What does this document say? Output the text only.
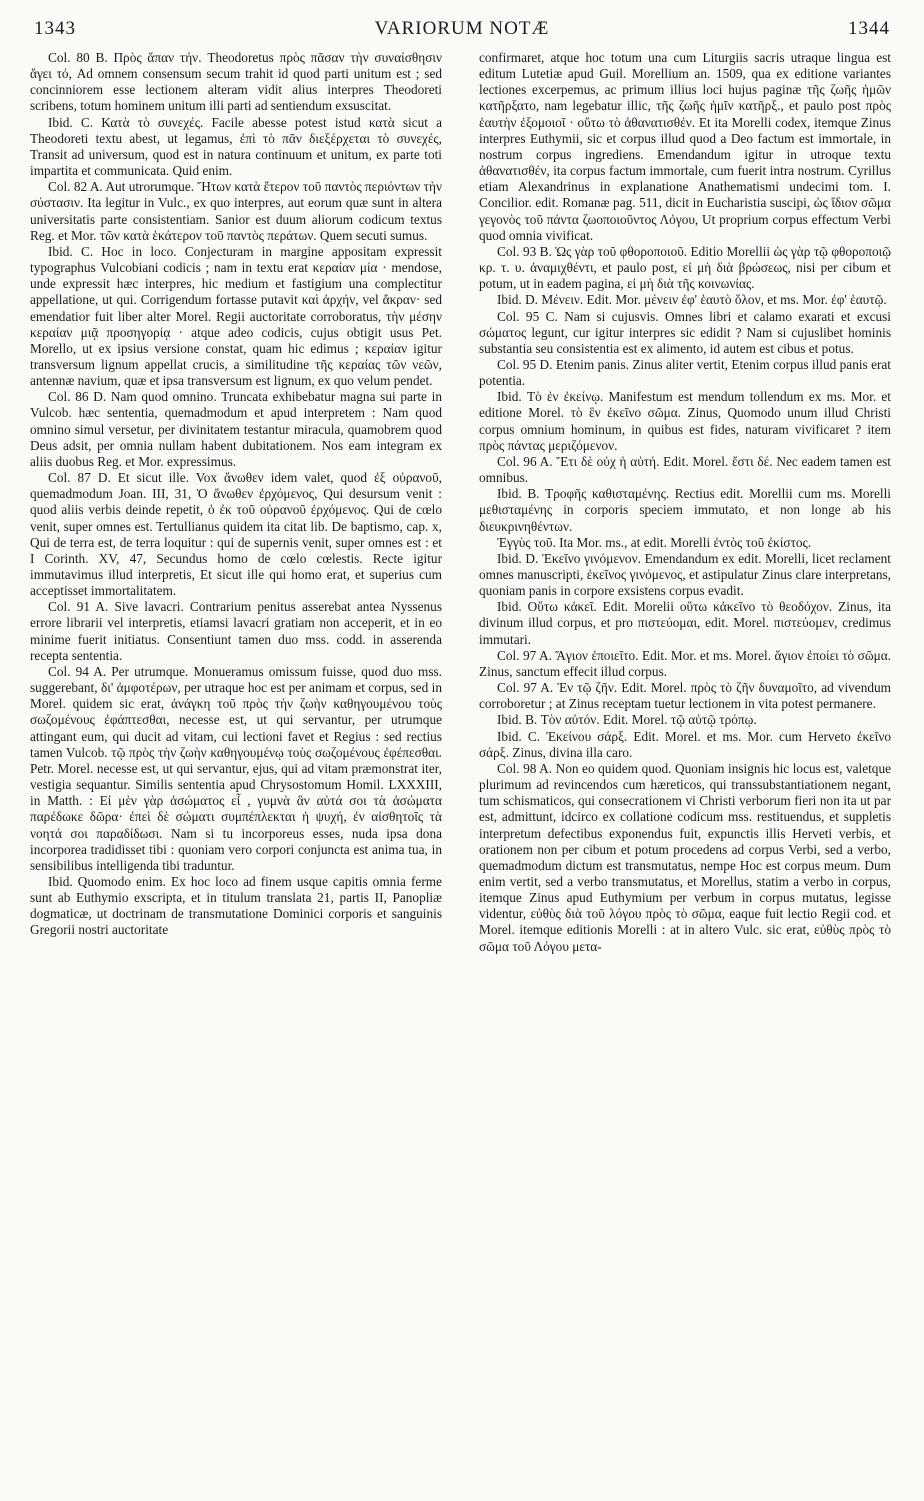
1343	VARIORUM NOTÆ	1344

Col. 80 B. Πρὸς ἅπαν τήν. Theodoretus πρὸς πᾶσαν τὴν συναίσθησιν ἄγει τό, Ad omnem consensum secum trahit id quod parti unitum est ; sed concinniorem esse lectionem alteram vidit alius interpres Theodoreti scribens, totum hominem unitum illi parti ad sentiendum exsuscitat.

Ibid. C. Κατὰ τὸ συνεχές. Facile abesse potest istud κατὰ sicut a Theodoreti textu abest, ut legamus, ἐπὶ τὸ πᾶν διεξέρχεται τὸ συνεχές, Transit ad universum, quod est in natura continuum et unitum, ex parte toti impartita et communicata. Quid enim.

Col. 82 A. Aut utrorumque. Ἤτων κατὰ ἕτερον τοῦ παντὸς περιόντων τὴν σύστασιν. Ita legitur in Vulc., ex quo interpres, aut eorum quæ sunt in altera universitatis parte consistentiam. Sanior est duum aliorum codicum textus Reg. et Mor. τῶν κατὰ ἑκάτερον τοῦ παντὸς περάτων. Quem secuti sumus.

Ibid. C. Hoc in loco. Conjecturam in margine appositam expressit typographus Vulcobiani codicis ; nam in textu erat κεραίαν μία · mendose, unde expressit hæc interpres, hic medium et fastigium una complectitur appellatione, ut qui. Corrigendum fortasse putavit καὶ ἀρχήν, vel ἄκραν· sed emendatior fuit liber alter Morel. Regii auctoritate corroboratus, τὴν μέσην κεραίαν μιᾷ προσηγορίᾳ · atque adeo codicis, cujus obtigit usus Pet. Morello, ut ex ipsius versione constat, quam hic edimus ; κεραίαν igitur transversum lignum appellat crucis, a similitudine τῆς κεραίας τῶν νεῶν, antennæ navium, quæ et ipsa transversum est lignum, ex quo velum pendet.

Col. 86 D. Nam quod omnino. Truncata exhibebatur magna sui parte in Vulcob. hæc sententia, quemadmodum et apud interpretem : Nam quod omnino simul versetur, per divinitatem testantur miracula, quamobrem quod Deus adsit, per omnia nullam habent dubitationem. Nos eam integram ex aliis duobus Reg. et Mor. expressimus.

Col. 87 D. Et sicut ille. Vox ἄνωθεν idem valet, quod ἐξ οὐρανοῦ, quemadmodum Joan. III, 31, Ὁ ἄνωθεν ἐρχόμενος, Qui desursum venit : quod aliis verbis deinde repetit, ὁ ἐκ τοῦ οὐρανοῦ ἐρχόμενος. Qui de cœlo venit, super omnes est. Tertullianus quidem ita citat lib. De baptismo, cap. x, Qui de terra est, de terra loquitur : qui de supernis venit, super omnes est : et I Corinth. XV, 47, Secundus homo de cœlo cœlestis. Recte igitur immutavimus illud interpretis, Et sicut ille qui homo erat, et superius cum acceptisset immortalitatem.

Col. 91 A. Sive lavacri. Contrarium penitus asserebat antea Nyssenus errore librarii vel interpretis, etiamsi lavacri gratiam non acceperit, et in eo minime fuerit initiatus. Consentiunt tamen duo mss. codd. in asserenda recepta sententia.

Col. 94 A. Per utrumque. Monueramus omissum fuisse, quod duo mss. suggerebant, δι' ἀμφοτέρων, per utraque hoc est per animam et corpus, sed in Morel. quidem sic erat, ἀνάγκη τοῦ πρὸς τὴν ζωὴν καθηγουμένου τοὺς σωζομένους ἐφάπτεσθαι, necesse est, ut qui servantur, per utrumque attingant eum, qui ducit ad vitam, cui lectioni favet et Regius : sed rectius tamen Vulcob. τῷ πρὸς τὴν ζωὴν καθηγουμένῳ τοὺς σωζομένους ἐφέπεσθαι. Petr. Morel. necesse est, ut qui servantur, ejus, qui ad vitam præmonstrat iter, vestigia sequantur. Similis sententia apud Chrysostomum Homil. LXXXIII, in Matth. : Εἰ μὲν γὰρ ἀσώματος εἶ , γυμνὰ ἂν αὐτά σοι τὰ ἀσώματα παρέδωκε δῶρα· ἐπεὶ δὲ σώματι συμπέπλεκται ἡ ψυχή, ἐν αἰσθητοῖς τὰ νοητά σοι παραδίδωσι. Nam si tu incorporeus esses, nuda ipsa dona incorporea tradidisset tibi : quoniam vero corpori conjuncta est anima tua, in sensibilibus intelligenda tibi traduntur.

Ibid. Quomodo enim. Ex hoc loco ad finem usque capitis omnia ferme sunt ab Euthymio exscripta, et in titulum translata 21, partis II, Panopliæ dogmaticæ, ut doctrinam de transmutatione Dominici corporis et sanguinis Gregorii nostri auctoritate

confirmaret, atque hoc totum una cum Liturgiis sacris utraque lingua est editum Lutetiæ apud Guil. Morellium an. 1509, qua ex editione variantes lectiones excerpemus, ac primum illius loci hujus paginæ τῆς ζωῆς ἡμῶν κατῆρξατο, nam legebatur illic, τῆς ζωῆς ἡμῖν κατῆρξ., et paulo post πρὸς ἑαυτὴν ἐξομοιοῖ · οὕτω τὸ ἀθανατισθέν. Et ita Morelli codex, itemque Zinus interpres Euthymii, sic et corpus illud quod a Deo factum est immortale, in nostrum corpus ingrediens. Emendandum igitur in utroque textu ἀθανατισθέν, ita corpus factum immortale, cum fuerit intra nostrum. Cyrillus etiam Alexandrinus in explanatione Anathematismi undecimi tom. I. Concilior. edit. Romanæ pag. 511, dicit in Eucharistia suscipi, ὡς ἴδιον σῶμα γεγονὸς τοῦ πάντα ζωοποιοῦντος Λόγου, Ut proprium corpus effectum Verbi quod omnia vivificat.

Col. 93 B. Ὡς γὰρ τοῦ φθοροποιοῦ. Editio Morellii ὡς γὰρ τῷ φθοροποιῷ κρ. τ. υ. ἀναμιχθέντι, et paulo post, εἰ μὴ διὰ βρώσεως, nisi per cibum et potum, ut in eadem pagina, εἰ μὴ διὰ τῆς κοινωνίας.

Ibid. D. Μένειν. Edit. Mor. μένειν ἐφ' ἑαυτὸ ὅλον, et ms. Mor. ἐφ' ἑαυτῷ.

Col. 95 C. Nam si cujusvis. Omnes libri et calamo exarati et excusi σώματος legunt, cur igitur interpres sic edidit ? Nam si cujuslibet hominis substantia seu consistentia est ex alimento, id autem est cibus et potus.

Col. 95 D. Etenim panis. Zinus aliter vertit, Etenim corpus illud panis erat potentia.

Ibid. Τὸ ἐν ἐκείνῳ. Manifestum est mendum tollendum ex ms. Mor. et editione Morel. τὸ ἓν ἐκεῖνο σῶμα. Zinus, Quomodo unum illud Christi corpus omnium hominum, in quibus est fides, naturam vivificaret ? item πρὸς πάντας μεριζόμενον.

Col. 96 A. Ἔτι δὲ οὐχ ἡ αὐτή. Edit. Morel. ἔστι δέ. Nec eadem tamen est omnibus.

Ibid. B. Τροφῆς καθισταμένης. Rectius edit. Morellii cum ms. Morelli μεθισταμένης in corporis speciem immutato, et non longe ab his διευκρινηθέντων.

Ἐγγὺς τοῦ. Ita Mor. ms., at edit. Morelli ἐντὸς τοῦ ἐκίστος.

Ibid. D. Ἐκεῖνο γινόμενον. Emendandum ex edit. Morelli, licet reclament omnes manuscripti, ἐκεῖνος γινόμενος, et astipulatur Zinus clare interpretans, quoniam panis in corpore exsistens corpus evadit.

Ibid. Οὕτω κἀκεῖ. Edit. Morelii οὕτω κἀκεῖνο τὸ θεοδόχον. Zinus, ita divinum illud corpus, et pro πιστεύομαι, edit. Morel. πιστεύομεν, credimus immutari.

Col. 97 A. Ἅγιον ἐποιεῖτο. Edit. Mor. et ms. Morel. ἅγιον ἐποίει τὸ σῶμα. Zinus, sanctum effecit illud corpus.

Col. 97 A. Ἐν τῷ ζῆν. Edit. Morel. πρὸς τὸ ζῆν δυναμοῖτο, ad vivendum corroboretur ; at Zinus receptam tuetur lectionem in vita potest permanere.

Ibid. B. Τὸν αὐτόν. Edit. Morel. τῷ αὐτῷ τρόπῳ.

Ibid. C. Ἐκείνου σάρξ. Edit. Morel. et ms. Mor. cum Herveto ἐκεῖνο σάρξ. Zinus, divina illa caro.

Col. 98 A. Non eo quidem quod. Quoniam insignis hic locus est, valetque plurimum ad revincendos cum hæreticos, qui transsubstantiationem negant, tum schismaticos, qui consecrationem vi Christi verborum fieri non ita ut par est, admittunt, idcirco ex collatione codicum mss. restituendus, et suppletis interpretum defectibus exponendus fuit, expunctis illis Herveti verbis, et orationem non per cibum et potum procedens ad corpus Verbi, sed a verbo, quemadmodum dictum est transmutatus, nempe Hoc est corpus meum. Dum enim vertit, sed a verbo transmutatus, et Morellus, statim a verbo in corpus, itemque Zinus apud Euthymium per verbum in corpus mutatus, legisse videntur, εὐθὺς διὰ τοῦ λόγου πρὸς τὸ σῶμα, eaque fuit lectio Regii cod. et Morel. itemque editionis Morelli : at in altero Vulc. sic erat, εὐθὺς πρὸς τὸ σῶμα τοῦ Λόγου μετα-
